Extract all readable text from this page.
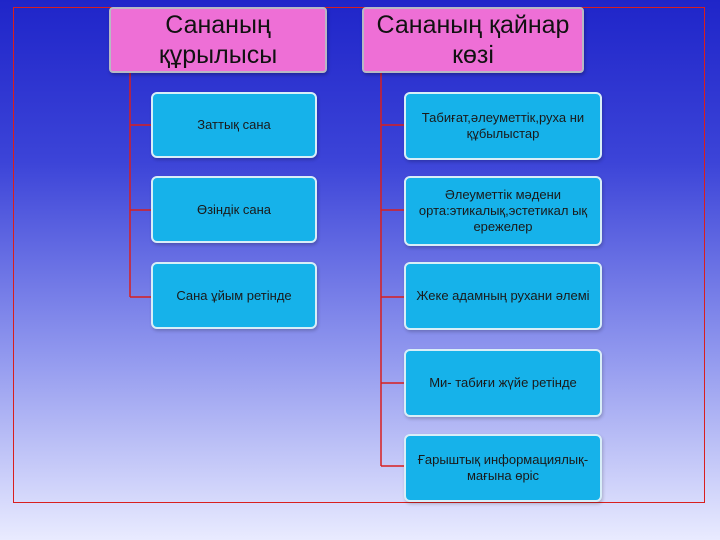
Сананың құрылысы
Сананың қайнар көзі
Заттық сана
Өзіндік сана
Сана ұйым ретінде
Табиғат,әлеуметтік,руха ни құбылыстар
Әлеуметтік мәдени орта:этикалық,эстетикал ық ережелер
Жеке адамның рухани әлемі
Ми- табиғи жүйе ретінде
Ғарыштық информациялық-мағына өріс
